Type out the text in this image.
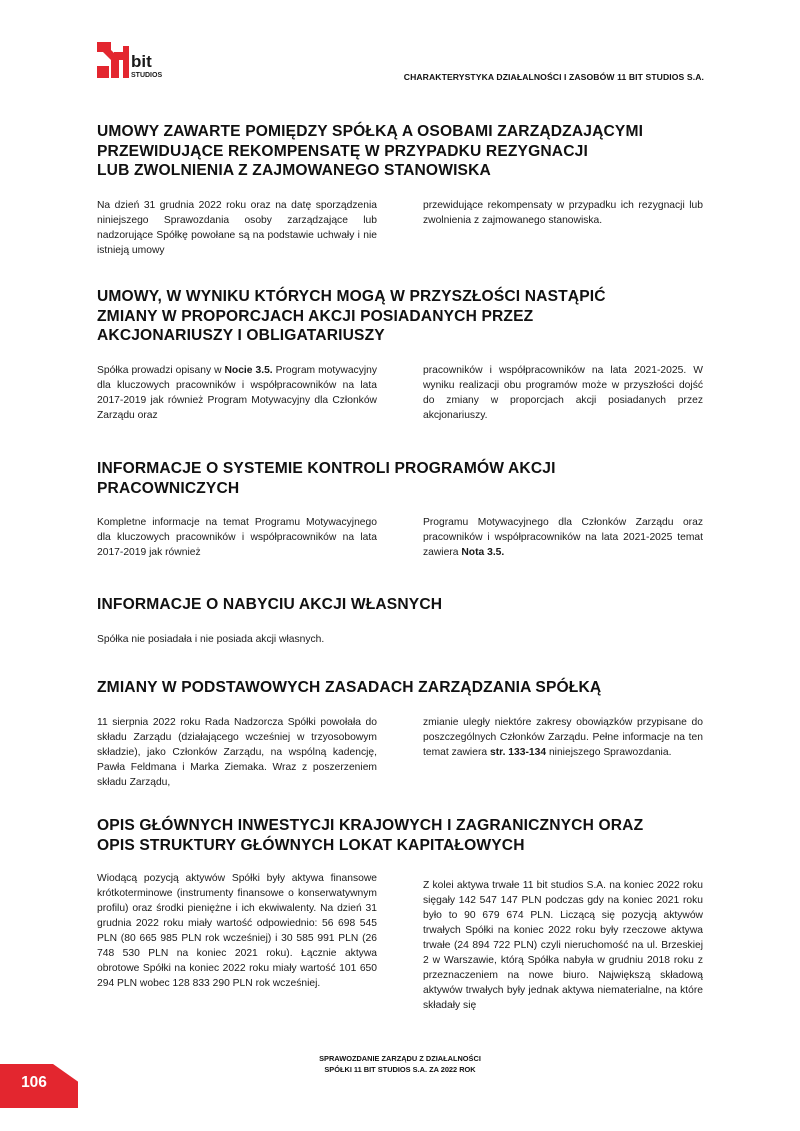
bit
STUDIOS	CHARAKTERYSTYKA DZIAŁALNOŚCI I ZASOBÓW 11 BIT STUDIOS S.A.
UMOWY ZAWARTE POMIĘDZY SPÓŁKĄ A OSOBAMI ZARZĄDZAJĄCYMI
PRZEWIDUJĄCE REKOMPENSATĘ W PRZYPADKU REZYGNACJI
LUB ZWOLNIENIA Z ZAJMOWANEGO STANOWISKA
Na dzień 31 grudnia 2022 roku oraz na datę sporządzenia niniejszego Sprawozdania osoby zarządzające lub nadzorujące Spółkę powołane są na podstawie uchwały i nie istnieją umowy
przewidujące rekompensaty w przypadku ich rezygnacji lub zwolnienia z zajmowanego stanowiska.
UMOWY, W WYNIKU KTÓRYCH MOGĄ W PRZYSZŁOŚCI NASTĄPIĆ
ZMIANY W PROPORCJACH AKCJI POSIADANYCH PRZEZ
AKCJONARIUSZY I OBLIGATARIUSZY
Spółka prowadzi opisany w Nocie 3.5. Program motywacyjny dla kluczowych pracowników i współpracowników na lata 2017-2019 jak również Program Motywacyjny dla Członków Zarządu oraz
pracowników i współpracowników na lata 2021-2025. W wyniku realizacji obu programów może w przyszłości dojść do zmiany w proporcjach akcji posiadanych przez akcjonariuszy.
INFORMACJE O SYSTEMIE KONTROLI PROGRAMÓW AKCJI
PRACOWNICZYCH
Kompletne informacje na temat Programu Motywacyjnego dla kluczowych pracowników i współpracowników na lata 2017-2019 jak również
Programu Motywacyjnego dla Członków Zarządu oraz pracowników i współpracowników na lata 2021-2025 temat zawiera Nota 3.5.
INFORMACJE O NABYCIU AKCJI WŁASNYCH
Spółka nie posiadała i nie posiada akcji własnych.
ZMIANY W PODSTAWOWYCH ZASADACH ZARZĄDZANIA SPÓŁKĄ
11 sierpnia 2022 roku Rada Nadzorcza Spółki powołała do składu Zarządu (działającego wcześniej w trzyosobowym składzie), jako Członków Zarządu, na wspólną kadencję, Pawła Feldmana i Marka Ziemaka. Wraz z poszerzeniem składu Zarządu,
zmianie uległy niektóre zakresy obowiązków przypisane do poszczególnych Członków Zarządu. Pełne informacje na ten temat zawiera str. 133-134 niniejszego Sprawozdania.
OPIS GŁÓWNYCH INWESTYCJI KRAJOWYCH I ZAGRANICZNYCH ORAZ
OPIS STRUKTURY GŁÓWNYCH LOKAT KAPITAŁOWYCH
Wiodącą pozycją aktywów Spółki były aktywa finansowe krótkoterminowe (instrumenty finansowe o konserwatywnym profilu) oraz środki pieniężne i ich ekwiwalenty. Na dzień 31 grudnia 2022 roku miały wartość odpowiednio: 56 698 545 PLN (80 665 985 PLN rok wcześniej) i 30 585 991 PLN (26 748 530 PLN na koniec 2021 roku). Łącznie aktywa obrotowe Spółki na koniec 2022 roku miały wartość 101 650 294 PLN wobec 128 833 290 PLN rok wcześniej.
Z kolei aktywa trwałe 11 bit studios S.A. na koniec 2022 roku sięgały 142 547 147 PLN podczas gdy na koniec 2021 roku było to 90 679 674 PLN. Liczącą się pozycją aktywów trwałych Spółki na koniec 2022 roku były rzeczowe aktywa trwałe (24 894 722 PLN) czyli nieruchomość na ul. Brzeskiej 2 w Warszawie, którą Spółka nabyła w grudniu 2018 roku z przeznaczeniem na nowe biuro. Największą składową aktywów trwałych były jednak aktywa niematerialne, na które składały się
SPRAWOZDANIE ZARZĄDU Z DZIAŁALNOŚCI
SPÓŁKI 11 BIT STUDIOS S.A. ZA 2022 ROK
106
